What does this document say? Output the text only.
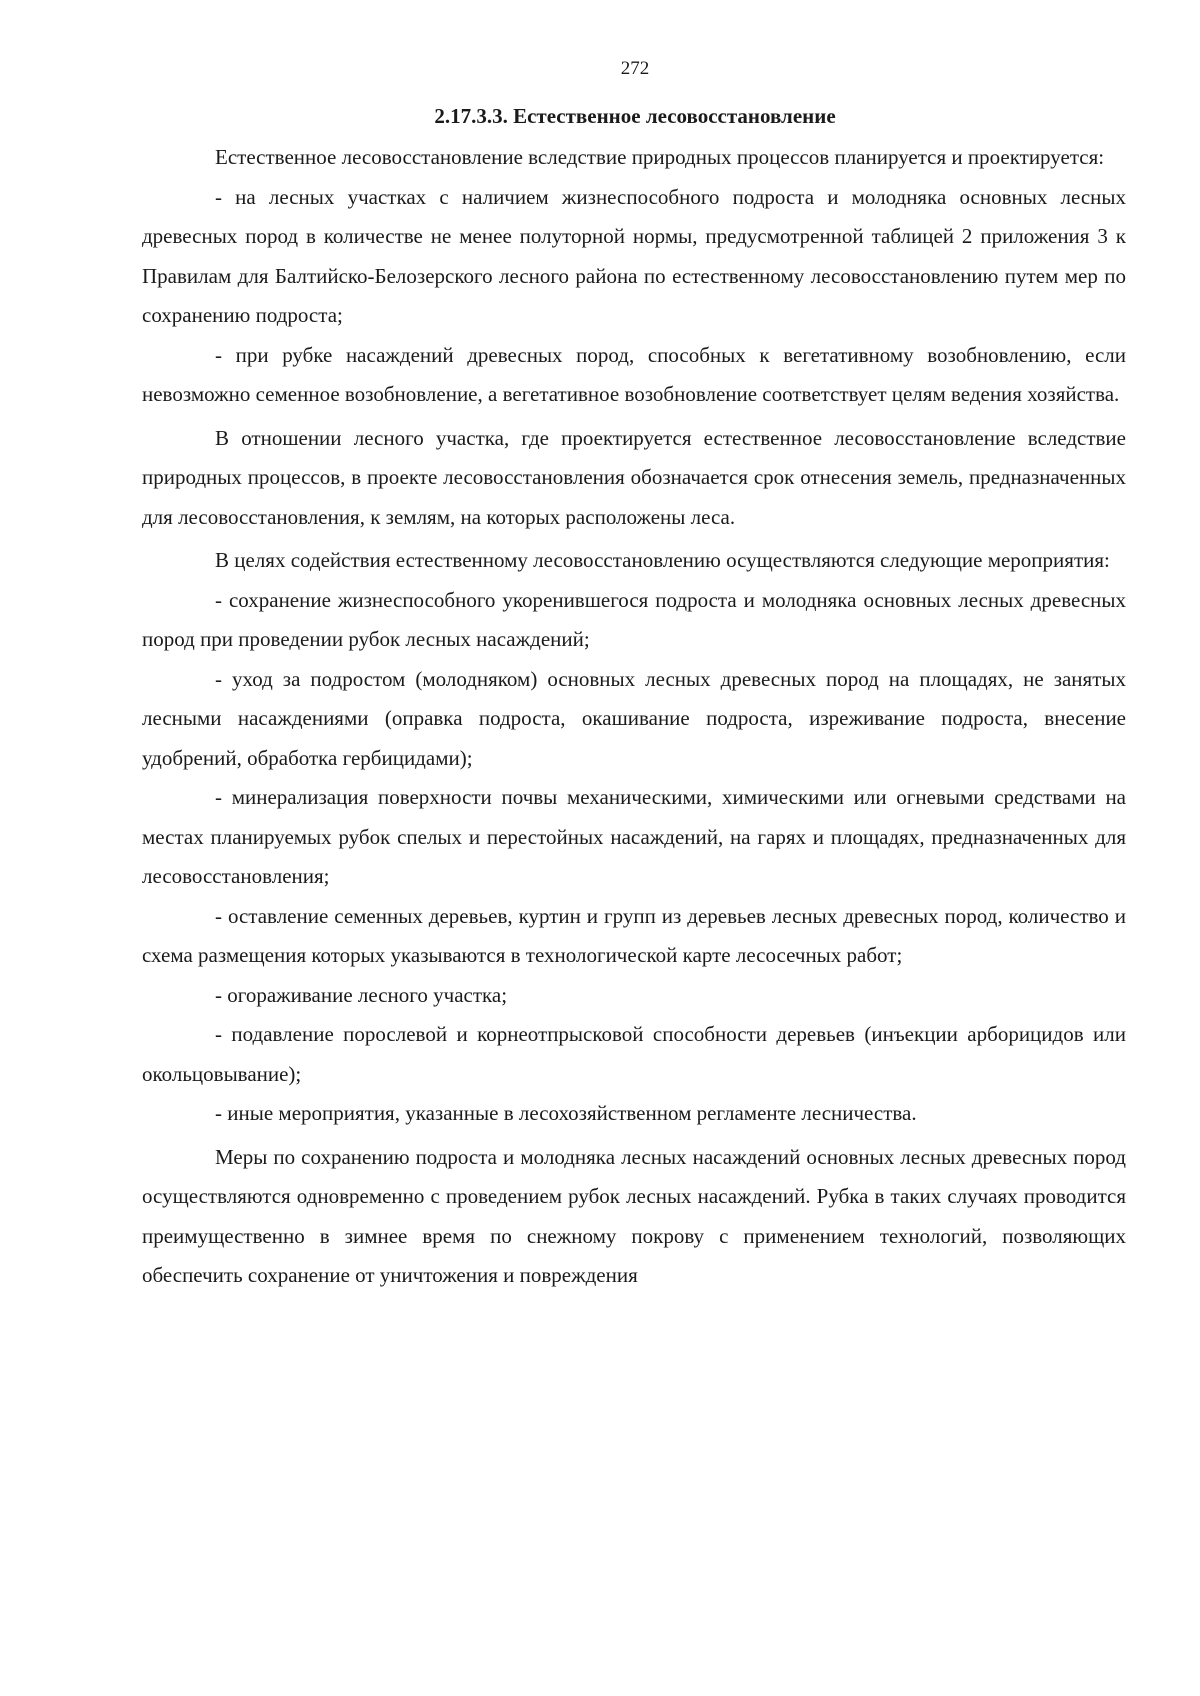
272
2.17.3.3. Естественное лесовосстановление

Естественное лесовосстановление вследствие природных процессов планируется и проектируется:

- на лесных участках с наличием жизнеспособного подроста и молодняка основных лесных древесных пород в количестве не менее полуторной нормы, предусмотренной таблицей 2 приложения 3 к Правилам для Балтийско-Белозерского лесного района по естественному лесовосстановлению путем мер по сохранению подроста;

- при рубке насаждений древесных пород, способных к вегетативному возобновлению, если невозможно семенное возобновление, а вегетативное возобновление соответствует целям ведения хозяйства.

В отношении лесного участка, где проектируется естественное лесовосстановление вследствие природных процессов, в проекте лесовосстановления обозначается срок отнесения земель, предназначенных для лесовосстановления, к землям, на которых расположены леса.

В целях содействия естественному лесовосстановлению осуществляются следующие мероприятия:

- сохранение жизнеспособного укоренившегося подроста и молодняка основных лесных древесных пород при проведении рубок лесных насаждений;

- уход за подростом (молодняком) основных лесных древесных пород на площадях, не занятых лесными насаждениями (оправка подроста, окашивание подроста, изреживание подроста, внесение удобрений, обработка гербицидами);

- минерализация поверхности почвы механическими, химическими или огневыми средствами на местах планируемых рубок спелых и перестойных насаждений, на гарях и площадях, предназначенных для лесовосстановления;

- оставление семенных деревьев, куртин и групп из деревьев лесных древесных пород, количество и схема размещения которых указываются в технологической карте лесосечных работ;

- огораживание лесного участка;

- подавление порослевой и корнеотпрысковой способности деревьев (инъекции арборицидов или окольцовывание);

- иные мероприятия, указанные в лесохозяйственном регламенте лесничества.

Меры по сохранению подроста и молодняка лесных насаждений основных лесных древесных пород осуществляются одновременно с проведением рубок лесных насаждений. Рубка в таких случаях проводится преимущественно в зимнее время по снежному покрову с применением технологий, позволяющих обеспечить сохранение от уничтожения и повреждения
